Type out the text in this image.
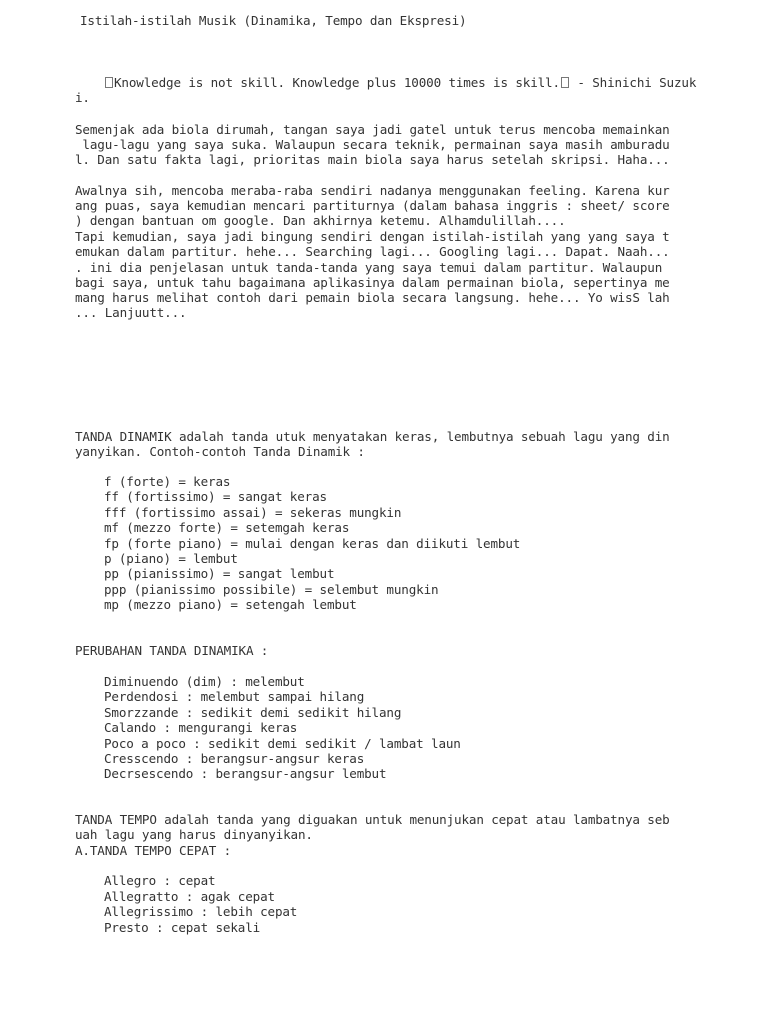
Istilah-istilah Musik (Dinamika, Tempo dan Ekspresi)
Knowledge is not skill. Knowledge plus 10000 times is skill. - Shinichi Suzuk
i.
Semenjak ada biola dirumah, tangan saya jadi gatel untuk terus mencoba memainkan
lagu-lagu yang saya suka. Walaupun secara teknik, permainan saya masih amburadu
l. Dan satu fakta lagi, prioritas main biola saya harus setelah skripsi. Haha...
Awalnya sih, mencoba meraba-raba sendiri nadanya menggunakan feeling. Karena kur
ang puas, saya kemudian mencari partiturnya (dalam bahasa inggris : sheet/ score
) dengan bantuan om google. Dan akhirnya ketemu. Alhamdulillah....
Tapi kemudian, saya jadi bingung sendiri dengan istilah-istilah yang yang saya t
emukan dalam partitur. hehe... Searching lagi... Googling lagi... Dapat. Naah...
. ini dia penjelasan untuk tanda-tanda yang saya temui dalam partitur. Walaupun
bagi saya, untuk tahu bagaimana aplikasinya dalam permainan biola, sepertinya me
mang harus melihat contoh dari pemain biola secara langsung. hehe... Yo wisS lah
... Lanjuutt...
TANDA DINAMIK adalah tanda utuk menyatakan keras, lembutnya sebuah lagu yang din
yanyikan. Contoh-contoh Tanda Dinamik :
f (forte) = keras
ff (fortissimo) = sangat keras
fff (fortissimo assai) = sekeras mungkin
mf (mezzo forte) = setemgah keras
fp (forte piano) = mulai dengan keras dan diikuti lembut
p (piano) = lembut
pp (pianissimo) = sangat lembut
ppp (pianissimo possibile) = selembut mungkin
mp (mezzo piano) = setengah lembut
PERUBAHAN TANDA DINAMIKA :
Diminuendo (dim) : melembut
Perdendosi : melembut sampai hilang
Smorzzande : sedikit demi sedikit hilang
Calando : mengurangi keras
Poco a poco : sedikit demi sedikit / lambat laun
Cresscendo : berangsur-angsur keras
Decrsescendo : berangsur-angsur lembut
TANDA TEMPO adalah tanda yang diguakan untuk menunjukan cepat atau lambatnya seb
uah lagu yang harus dinyanyikan.
A.TANDA TEMPO CEPAT :
Allegro : cepat
Allegratto : agak cepat
Allegrissimo : lebih cepat
Presto : cepat sekali
